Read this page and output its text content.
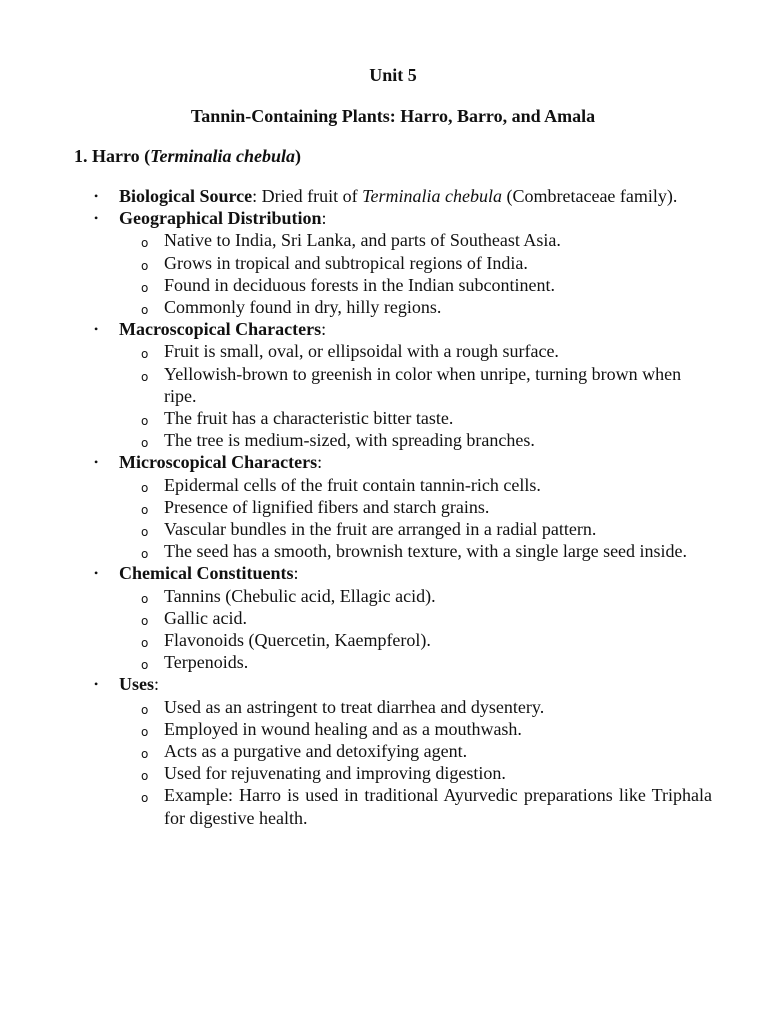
Unit 5
Tannin-Containing Plants: Harro, Barro, and Amala
1. Harro (Terminalia chebula)
• Biological Source: Dried fruit of Terminalia chebula (Combretaceae family).
• Geographical Distribution:
o Native to India, Sri Lanka, and parts of Southeast Asia.
o Grows in tropical and subtropical regions of India.
o Found in deciduous forests in the Indian subcontinent.
o Commonly found in dry, hilly regions.
• Macroscopical Characters:
o Fruit is small, oval, or ellipsoidal with a rough surface.
o Yellowish-brown to greenish in color when unripe, turning brown when ripe.
o The fruit has a characteristic bitter taste.
o The tree is medium-sized, with spreading branches.
• Microscopical Characters:
o Epidermal cells of the fruit contain tannin-rich cells.
o Presence of lignified fibers and starch grains.
o Vascular bundles in the fruit are arranged in a radial pattern.
o The seed has a smooth, brownish texture, with a single large seed inside.
• Chemical Constituents:
o Tannins (Chebulic acid, Ellagic acid).
o Gallic acid.
o Flavonoids (Quercetin, Kaempferol).
o Terpenoids.
• Uses:
o Used as an astringent to treat diarrhea and dysentery.
o Employed in wound healing and as a mouthwash.
o Acts as a purgative and detoxifying agent.
o Used for rejuvenating and improving digestion.
o Example: Harro is used in traditional Ayurvedic preparations like Triphala for digestive health.
